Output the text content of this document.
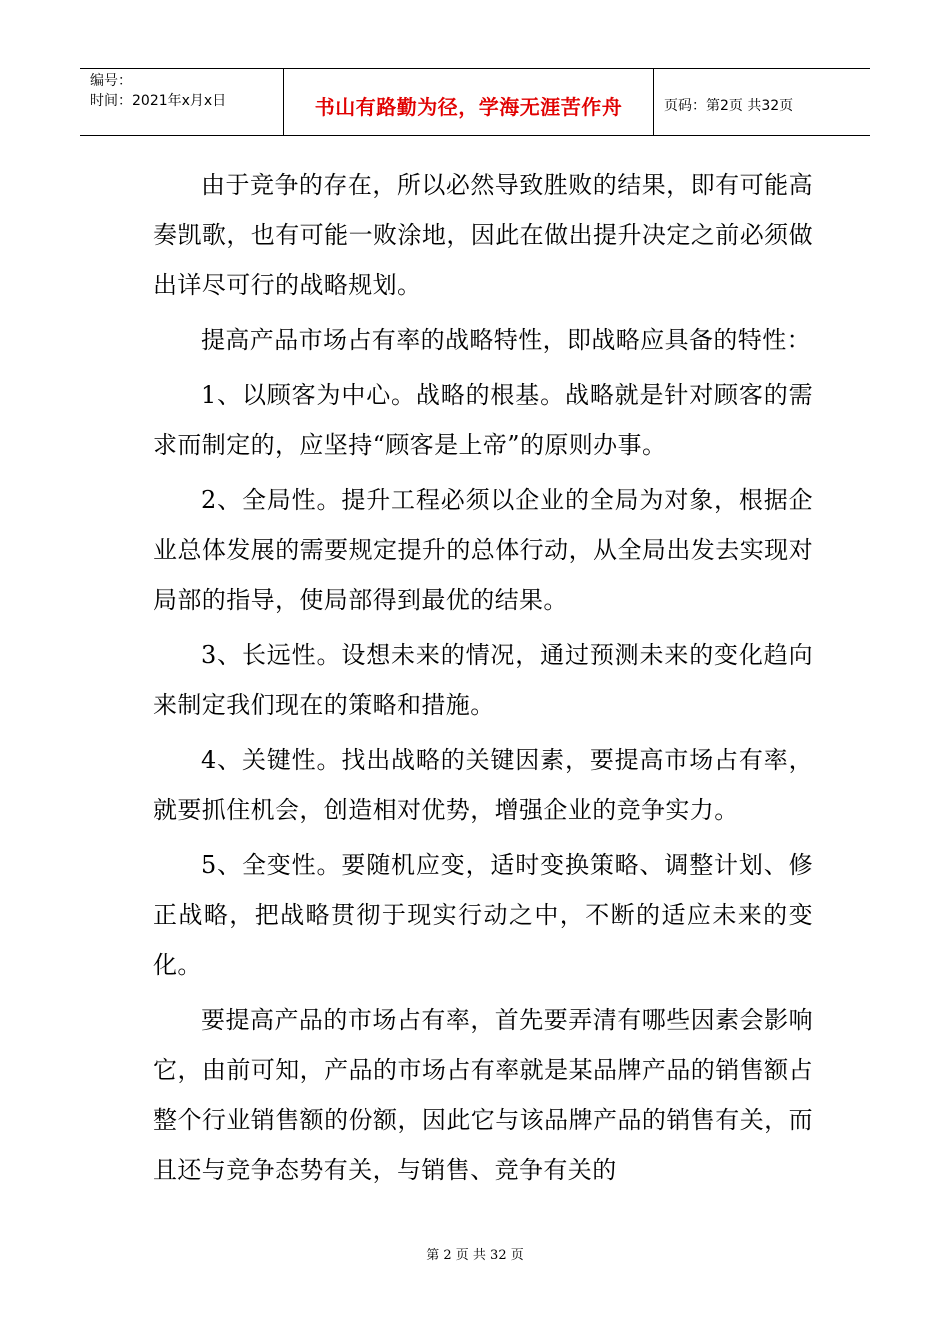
编号：
时间：2021年x月x日	书山有路勤为径，学海无涯苦作舟	页码：第2页 共32页

由于竞争的存在，所以必然导致胜败的结果，即有可能高奏凯歌，也有可能一败涂地，因此在做出提升决定之前必须做出详尽可行的战略规划。

提高产品市场占有率的战略特性，即战略应具备的特性：

1、以顾客为中心。战略的根基。战略就是针对顾客的需求而制定的，应坚持“顾客是上帝”的原则办事。

2、全局性。提升工程必须以企业的全局为对象，根据企业总体发展的需要规定提升的总体行动，从全局出发去实现对局部的指导，使局部得到最优的结果。

3、长远性。设想未来的情况，通过预测未来的变化趋向来制定我们现在的策略和措施。

4、关键性。找出战略的关键因素，要提高市场占有率，就要抓住机会，创造相对优势，增强企业的竞争实力。

5、全变性。要随机应变，适时变换策略、调整计划、修正战略，把战略贯彻于现实行动之中，不断的适应未来的变化。

要提高产品的市场占有率，首先要弄清有哪些因素会影响它，由前可知，产品的市场占有率就是某品牌产品的销售额占整个行业销售额的份额，因此它与该品牌产品的销售有关，而且还与竞争态势有关，与销售、竞争有关的

第 2 页 共 32 页
